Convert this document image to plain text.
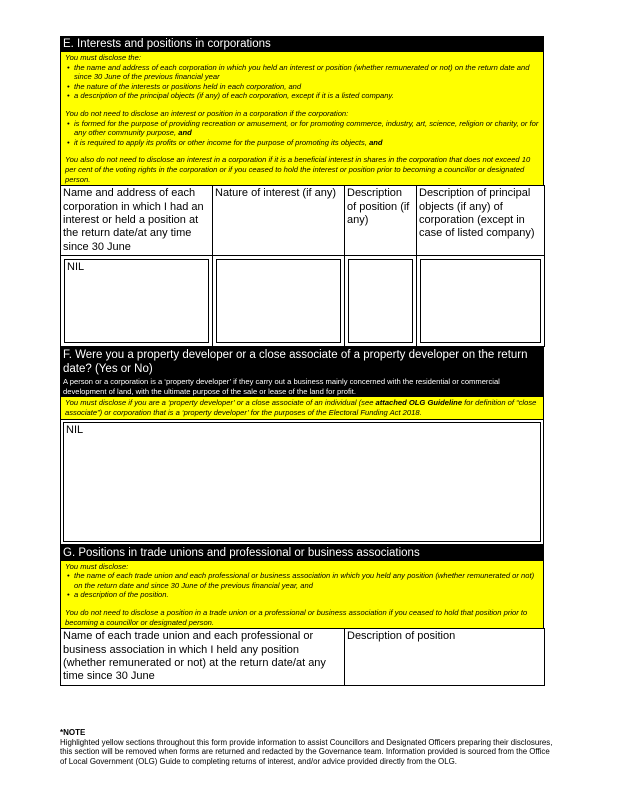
E. Interests and positions in corporations

You must disclose the:

• the name and address of each corporation in which you held an interest or position (whether remunerated or not) on the return date and since 30 June of the previous financial year
• the nature of the interests or positions held in each corporation, and
• a description of the principal objects (if any) of each corporation, except if it is a listed company.

You do not need to disclose an interest or position in a corporation if the corporation:

• is formed for the purpose of providing recreation or amusement, or for promoting commerce, industry, art, science, religion or charity, or for any other community purpose, and
• it is required to apply its profits or other income for the purpose of promoting its objects, and

You also do not need to disclose an interest in a corporation if it is a beneficial interest in shares in the corporation that does not exceed 10 per cent of the voting rights in the corporation or if you ceased to hold the interest or position prior to becoming a councillor or designated person.

Name and address of each corporation in which I had an interest or held a position at the return date/at any time since 30 June	Nature of interest (if any)	Description of position (if any)	Description of principal objects (if any) of corporation (except in case of listed company)

NIL			

F. Were you a property developer or a close associate of a property developer on the return date? (Yes or No)
A person or a corporation is a ‘property developer’ if they carry out a business mainly concerned with the residential or commercial development of land, with the ultimate purpose of the sale or lease of the land for profit.

You must disclose if you are a ‘property developer’ or a close associate of an individual (see attached OLG Guideline for definition of “close associate”) or corporation that is a ‘property developer’ for the purposes of the Electoral Funding Act 2018.

NIL
G. Positions in trade unions and professional or business associations

You must disclose:

• the name of each trade union and each professional or business association in which you held any position (whether remunerated or not) on the return date and since 30 June of the previous financial year, and
• a description of the position.

You do not need to disclose a position in a trade union or a professional or business association if you ceased to hold that position prior to becoming a councillor or designated person.

Name of each trade union and each professional or business association in which I held any position (whether remunerated or not) at the return date/at any time since 30 June	Description of position
*NOTE

Highlighted yellow sections throughout this form provide information to assist Councillors and Designated Officers preparing their disclosures, this section will be removed when forms are returned and redacted by the Governance team. Information provided is sourced from the Office of Local Government (OLG) Guide to completing returns of interest, and/or advice provided directly from the OLG.
